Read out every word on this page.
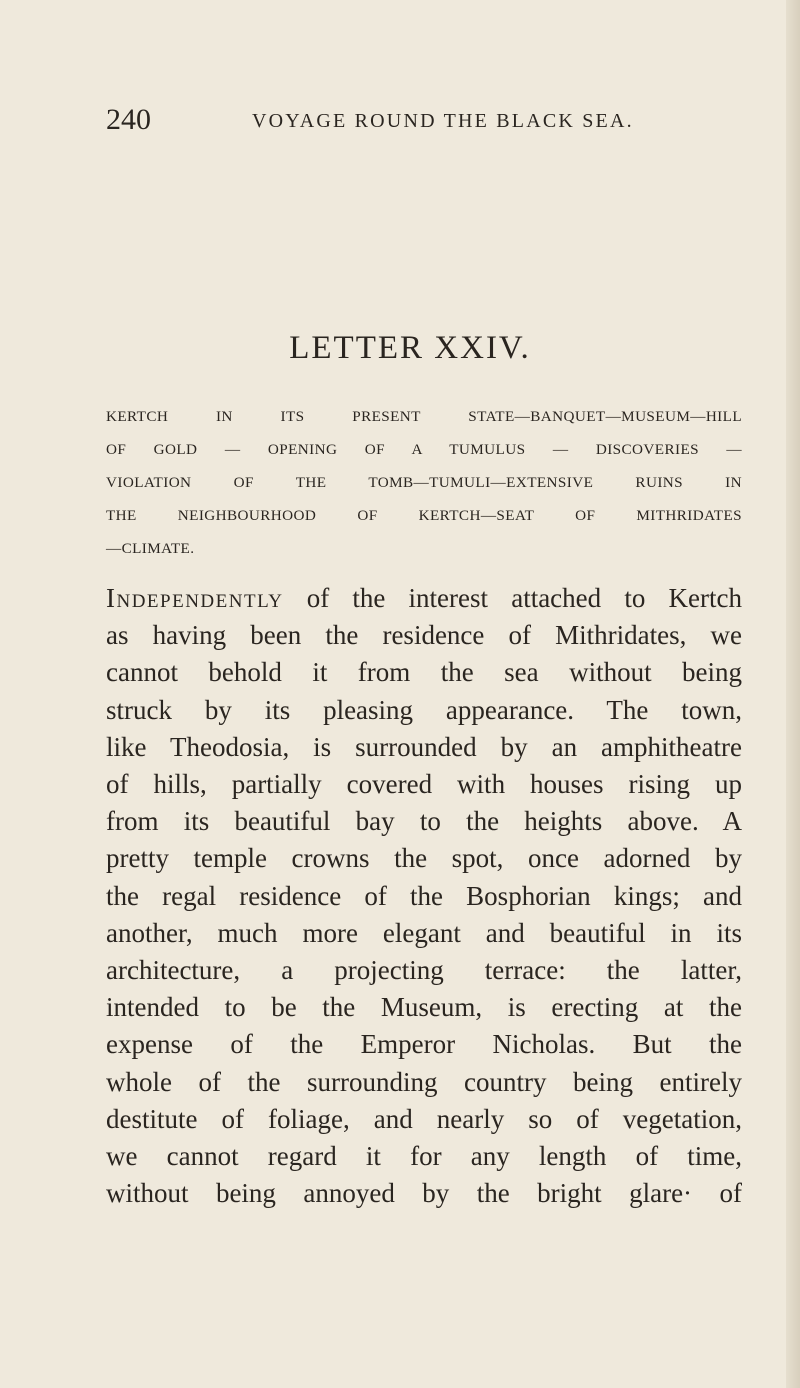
240	VOYAGE ROUND THE BLACK SEA.
LETTER XXIV.
KERTCH IN ITS PRESENT STATE—BANQUET—MUSEUM—HILL
OF GOLD — OPENING OF A TUMULUS — DISCOVERIES —
VIOLATION OF THE TOMB—TUMULI—EXTENSIVE RUINS IN
THE NEIGHBOURHOOD OF KERTCH—SEAT OF MITHRIDATES
—CLIMATE.
Independently of the interest attached to Kertch
as having been the residence of Mithridates, we
cannot behold it from the sea without being
struck by its pleasing appearance. The town,
like Theodosia, is surrounded by an amphitheatre
of hills, partially covered with houses rising up
from its beautiful bay to the heights above. A
pretty temple crowns the spot, once adorned by
the regal residence of the Bosphorian kings; and
another, much more elegant and beautiful in its
architecture, a projecting terrace: the latter,
intended to be the Museum, is erecting at the
expense of the Emperor Nicholas. But the
whole of the surrounding country being entirely
destitute of foliage, and nearly so of vegetation,
we cannot regard it for any length of time,
without being annoyed by the bright glare· of
